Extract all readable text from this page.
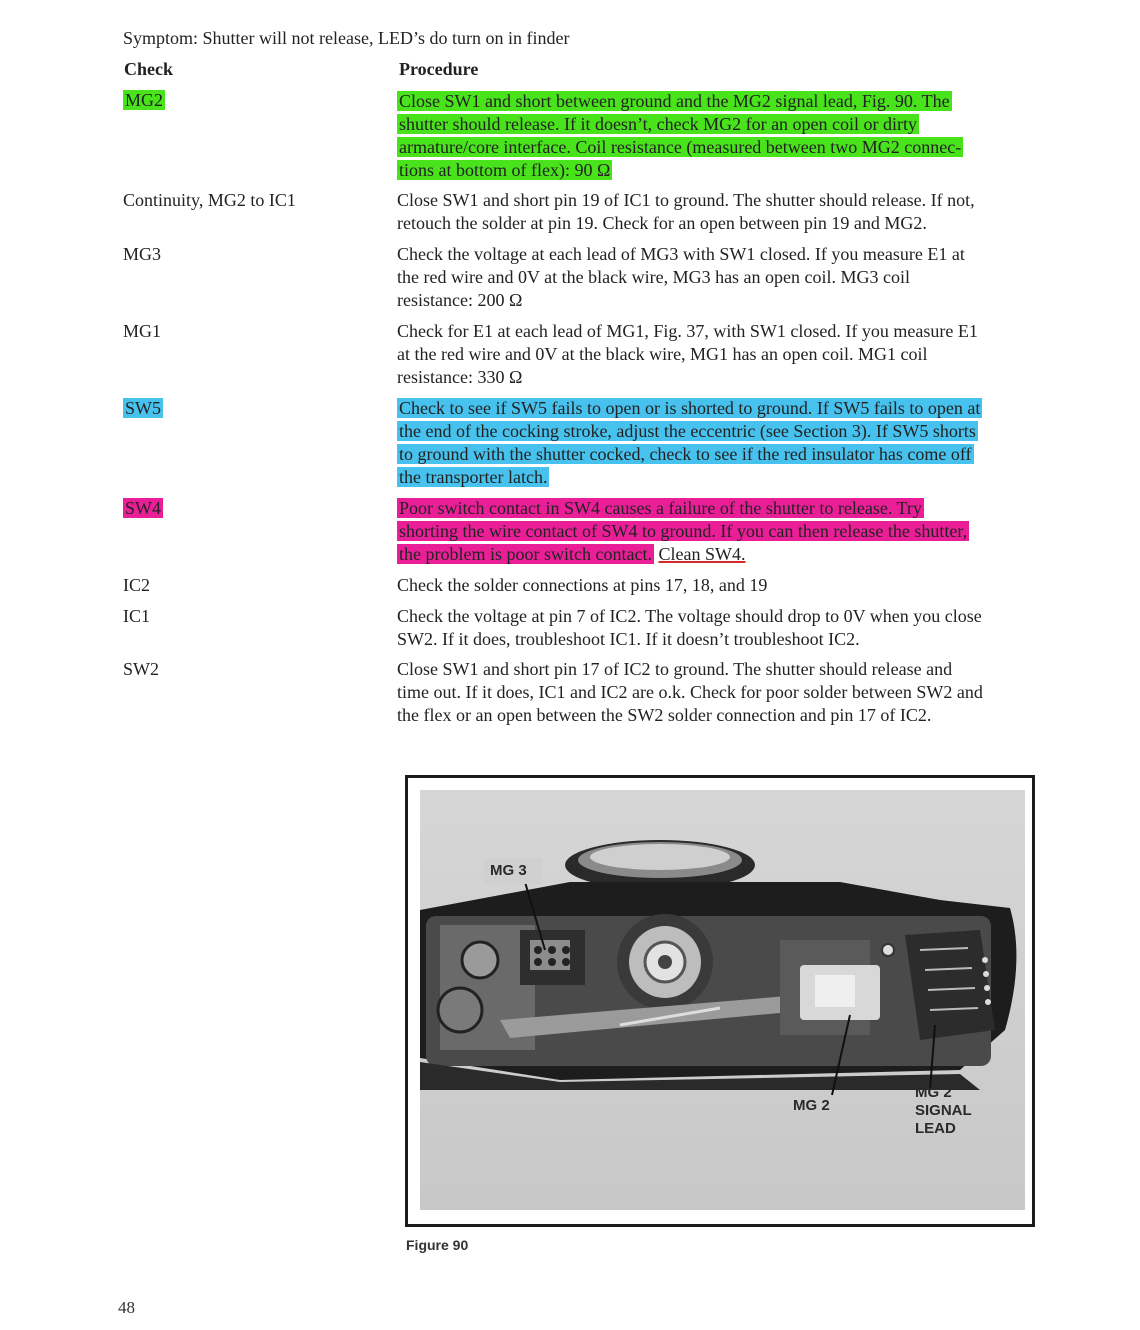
Symptom: Shutter will not release, LED’s do turn on in finder
Check	Procedure
MG2	Close SW1 and short between ground and the MG2 signal lead, Fig. 90. The
shutter should release. If it doesn’t, check MG2 for an open coil or dirty
armature/core interface. Coil resistance (measured between two MG2 connec-
tions at bottom of flex): 90 Ω
Continuity, MG2 to IC1	Close SW1 and short pin 19 of IC1 to ground. The shutter should release. If not,
retouch the solder at pin 19. Check for an open between pin 19 and MG2.
MG3	Check the voltage at each lead of MG3 with SW1 closed. If you measure E1 at
the red wire and 0V at the black wire, MG3 has an open coil. MG3 coil
resistance: 200 Ω
MG1	Check for E1 at each lead of MG1, Fig. 37, with SW1 closed. If you measure E1
at the red wire and 0V at the black wire, MG1 has an open coil. MG1 coil
resistance: 330 Ω
SW5	Check to see if SW5 fails to open or is shorted to ground. If SW5 fails to open at
the end of the cocking stroke, adjust the eccentric (see Section 3). If SW5 shorts
to ground with the shutter cocked, check to see if the red insulator has come off
the transporter latch.
SW4	Poor switch contact in SW4 causes a failure of the shutter to release. Try
shorting the wire contact of SW4 to ground. If you can then release the shutter,
the problem is poor switch contact. Clean SW4.
IC2	Check the solder connections at pins 17, 18, and 19
IC1	Check the voltage at pin 7 of IC2. The voltage should drop to 0V when you close
SW2. If it does, troubleshoot IC1. If it doesn’t troubleshoot IC2.
SW2	Close SW1 and short pin 17 of IC2 to ground. The shutter should release and
time out. If it does, IC1 and IC2 are o.k. Check for poor solder between SW2 and
the flex or an open between the SW2 solder connection and pin 17 of IC2.
MG 3
MG 2
MG 2
SIGNAL
LEAD
Figure 90
48
